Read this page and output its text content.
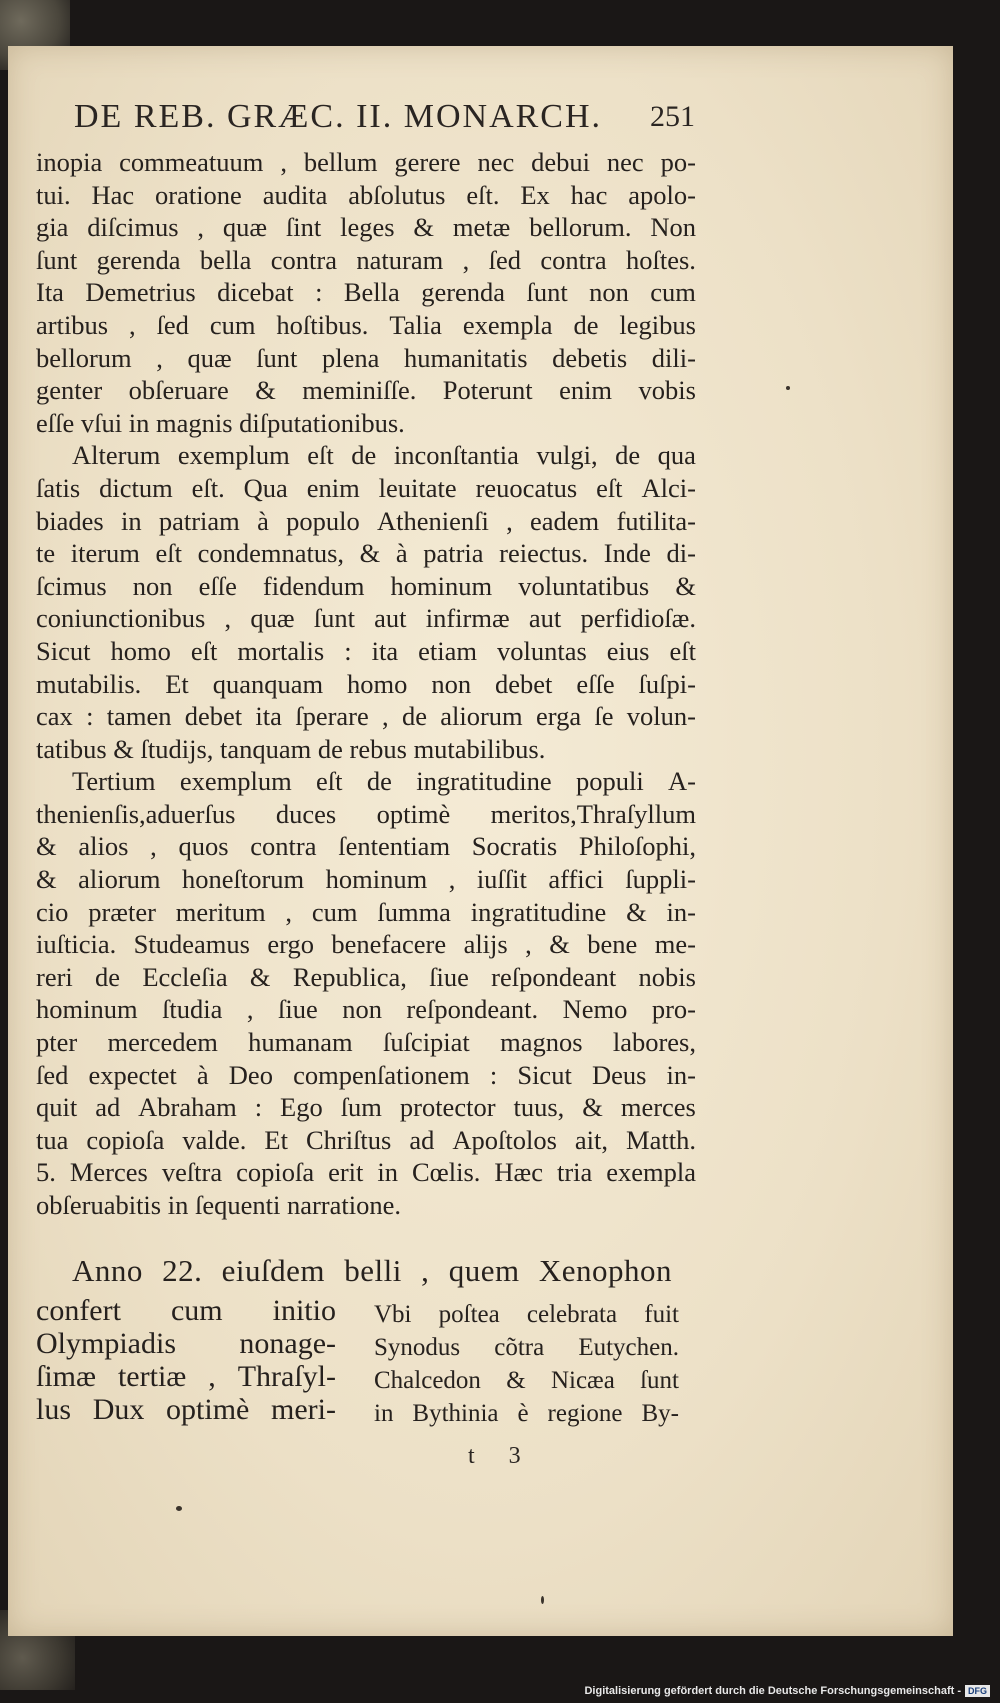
DE REB. GRÆC. II. MONARCH.	251
inopia commeatuum , bellum gerere nec debui nec po-
tui. Hac oratione audita abſolutus eſt. Ex hac apolo-
gia diſcimus , quæ ſint leges & metæ bellorum. Non
ſunt gerenda bella contra naturam , ſed contra hoſtes.
Ita Demetrius dicebat : Bella gerenda ſunt non cum
artibus , ſed cum hoſtibus. Talia exempla de legibus
bellorum , quæ ſunt plena humanitatis debetis dili-
genter obſeruare & meminiſſe. Poterunt enim vobis
eſſe vſui in magnis diſputationibus.
Alterum exemplum eſt de inconſtantia vulgi, de qua
ſatis dictum eſt. Qua enim leuitate reuocatus eſt Alci-
biades in patriam à populo Athenienſi , eadem futilita-
te iterum eſt condemnatus, & à patria reiectus. Inde di-
ſcimus non eſſe fidendum hominum voluntatibus &
coniunctionibus , quæ ſunt aut infirmæ aut perfidioſæ.
Sicut homo eſt mortalis : ita etiam voluntas eius eſt
mutabilis. Et quanquam homo non debet eſſe ſuſpi-
cax : tamen debet ita ſperare , de aliorum erga ſe volun-
tatibus & ſtudijs, tanquam de rebus mutabilibus.
Tertium exemplum eſt de ingratitudine populi A-
thenienſis,aduerſus duces optimè meritos,Thraſyllum
& alios , quos contra ſententiam Socratis Philoſophi,
& aliorum honeſtorum hominum , iuſſit affici ſuppli-
cio præter meritum , cum ſumma ingratitudine & in-
iuſticia. Studeamus ergo benefacere alijs , & bene me-
reri de Eccleſia & Republica, ſiue reſpondeant nobis
hominum ſtudia , ſiue non reſpondeant. Nemo pro-
pter mercedem humanam ſuſcipiat magnos labores,
ſed expectet à Deo compenſationem : Sicut Deus in-
quit ad Abraham : Ego ſum protector tuus, & merces
tua copioſa valde. Et Chriſtus ad Apoſtolos ait, Matth.
5. Merces veſtra copioſa erit in Cœlis. Hæc tria exempla
obſeruabitis in ſequenti narratione.
Anno 22. eiuſdem belli , quem Xenophon
confert cum initio
Olympiadis nonage-
ſimæ tertiæ , Thraſyl-
lus Dux optimè meri-
Vbi poſtea celebrata fuit
Synodus cõtra Eutychen.
Chalcedon & Nicæa ſunt
in Bythinia è regione By-
t 3
Digitalisierung gefördert durch die Deutsche Forschungsgemeinschaft - DFG
